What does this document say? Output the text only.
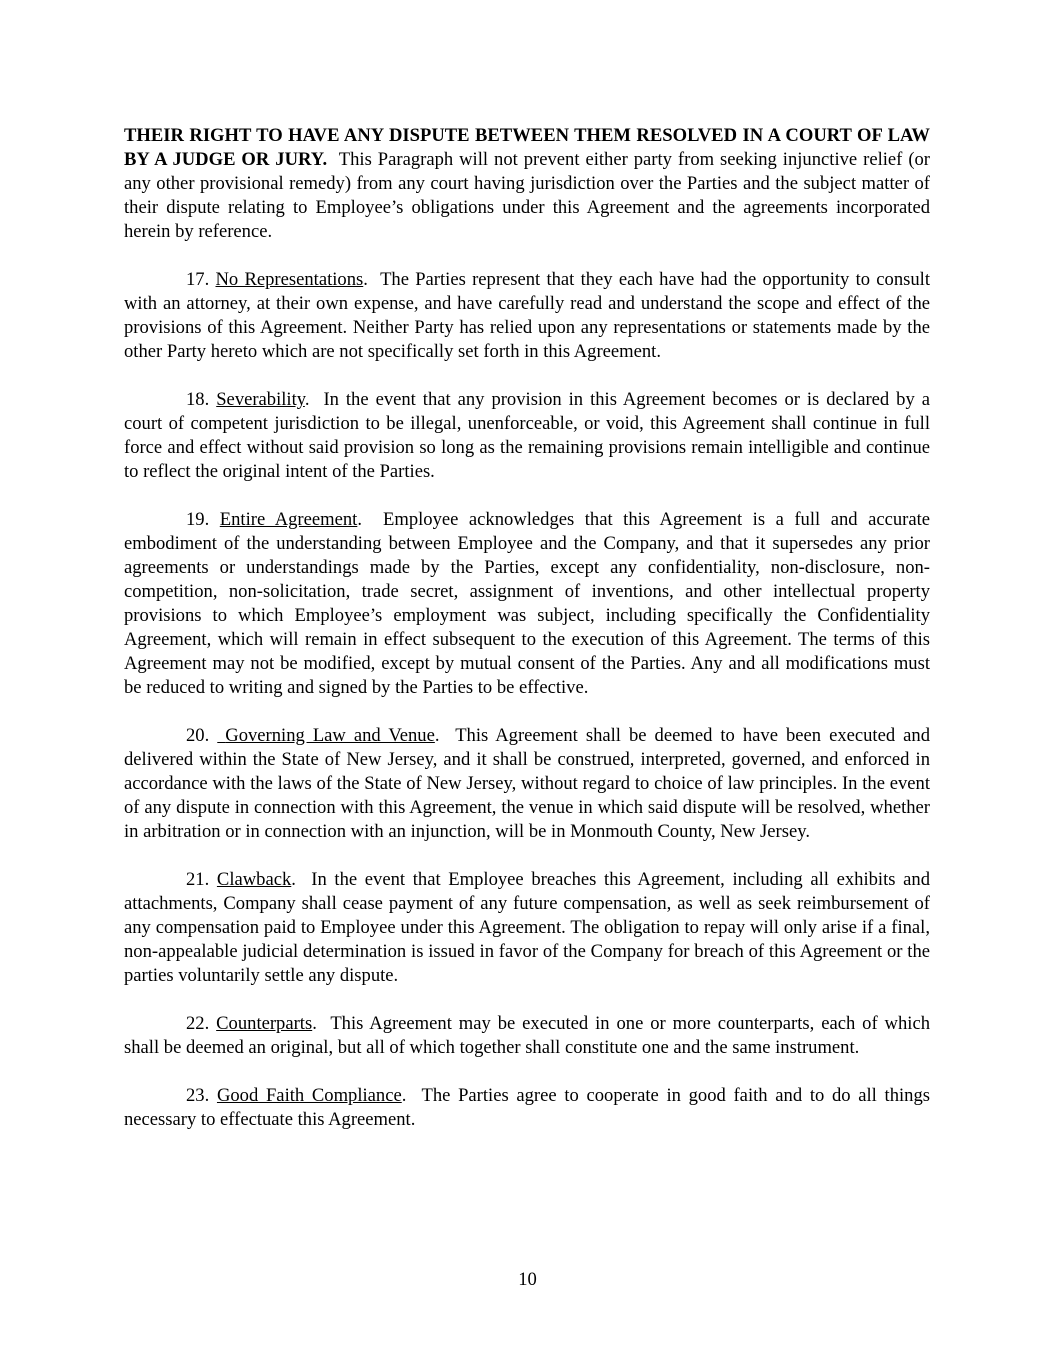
THEIR RIGHT TO HAVE ANY DISPUTE BETWEEN THEM RESOLVED IN A COURT OF LAW BY A JUDGE OR JURY. This Paragraph will not prevent either party from seeking injunctive relief (or any other provisional remedy) from any court having jurisdiction over the Parties and the subject matter of their dispute relating to Employee’s obligations under this Agreement and the agreements incorporated herein by reference.

17. No Representations.  The Parties represent that they each have had the opportunity to consult with an attorney, at their own expense, and have carefully read and understand the scope and effect of the provisions of this Agreement. Neither Party has relied upon any representations or statements made by the other Party hereto which are not specifically set forth in this Agreement.

18. Severability.  In the event that any provision in this Agreement becomes or is declared by a court of competent jurisdiction to be illegal, unenforceable, or void, this Agreement shall continue in full force and effect without said provision so long as the remaining provisions remain intelligible and continue to reflect the original intent of the Parties.

19. Entire Agreement.  Employee acknowledges that this Agreement is a full and accurate embodiment of the understanding between Employee and the Company, and that it supersedes any prior agreements or understandings made by the Parties, except any confidentiality, non-disclosure, non-competition, non-solicitation, trade secret, assignment of inventions, and other intellectual property provisions to which Employee’s employment was subject, including specifically the Confidentiality Agreement, which will remain in effect subsequent to the execution of this Agreement. The terms of this Agreement may not be modified, except by mutual consent of the Parties. Any and all modifications must be reduced to writing and signed by the Parties to be effective.

20. Governing Law and Venue.  This Agreement shall be deemed to have been executed and delivered within the State of New Jersey, and it shall be construed, interpreted, governed, and enforced in accordance with the laws of the State of New Jersey, without regard to choice of law principles. In the event of any dispute in connection with this Agreement, the venue in which said dispute will be resolved, whether in arbitration or in connection with an injunction, will be in Monmouth County, New Jersey.

21. Clawback.  In the event that Employee breaches this Agreement, including all exhibits and attachments, Company shall cease payment of any future compensation, as well as seek reimbursement of any compensation paid to Employee under this Agreement. The obligation to repay will only arise if a final, non-appealable judicial determination is issued in favor of the Company for breach of this Agreement or the parties voluntarily settle any dispute.

22. Counterparts.  This Agreement may be executed in one or more counterparts, each of which shall be deemed an original, but all of which together shall constitute one and the same instrument.

23. Good Faith Compliance.  The Parties agree to cooperate in good faith and to do all things necessary to effectuate this Agreement.

10
